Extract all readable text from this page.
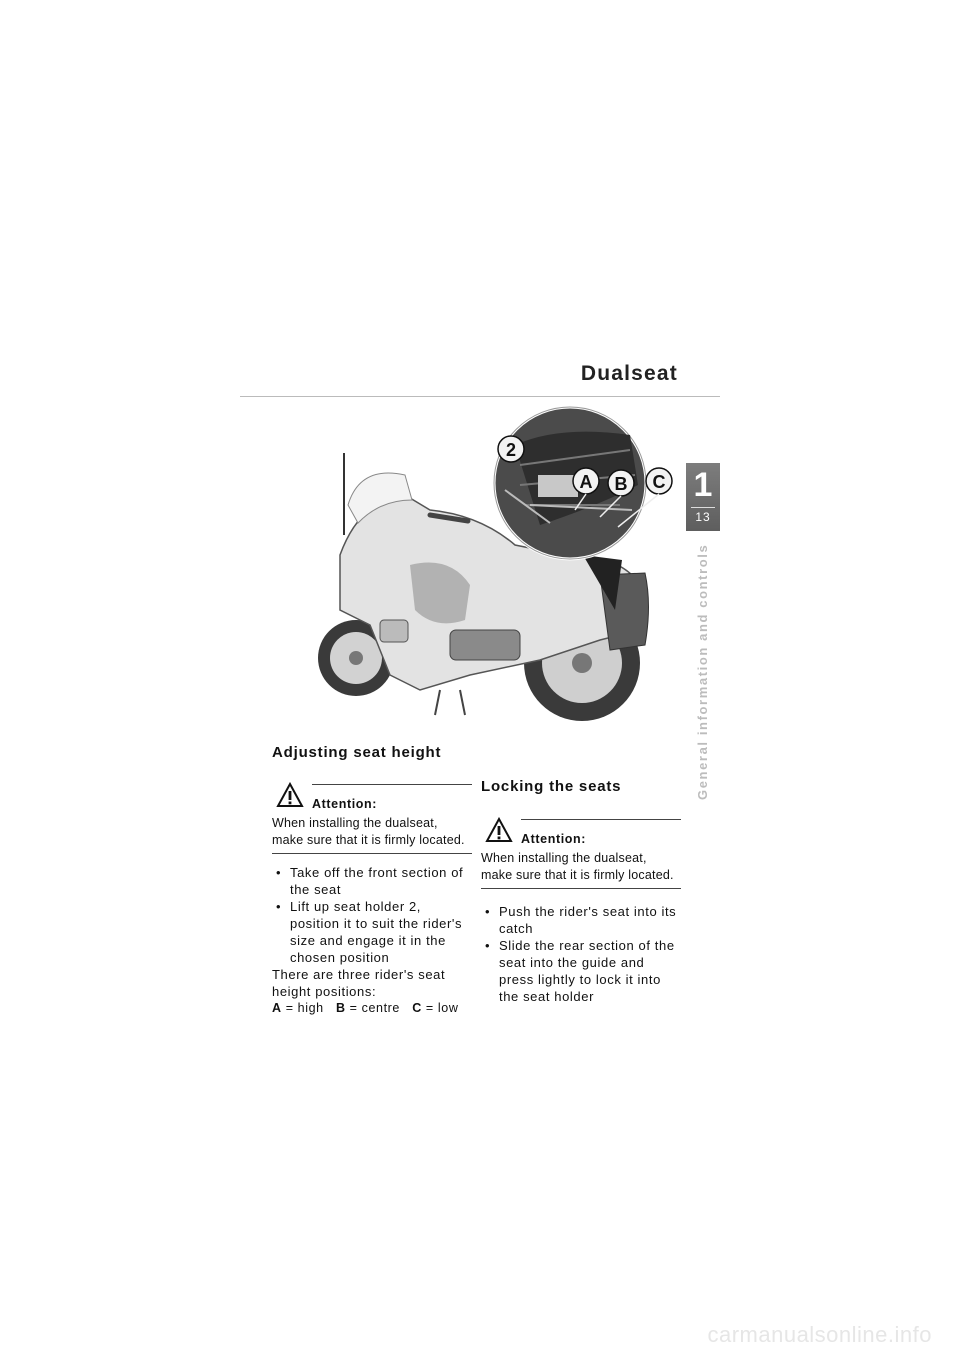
Dualseat
1
13
General information and controls
2
A B C
Adjusting seat height
Attention:
When installing the dualseat, make sure that it is firmly located.
• Take off the front section of the seat
• Lift up seat holder 2, position it to suit the rider's size and engage it in the chosen position
There are three rider's seat height positions:
A = high B = centre C = low
Locking the seats
Attention:
When installing the dualseat, make sure that it is firmly located.
• Push the rider's seat into its catch
• Slide the rear section of the seat into the guide and press lightly to lock it into the seat holder
carmanualsonline.info
